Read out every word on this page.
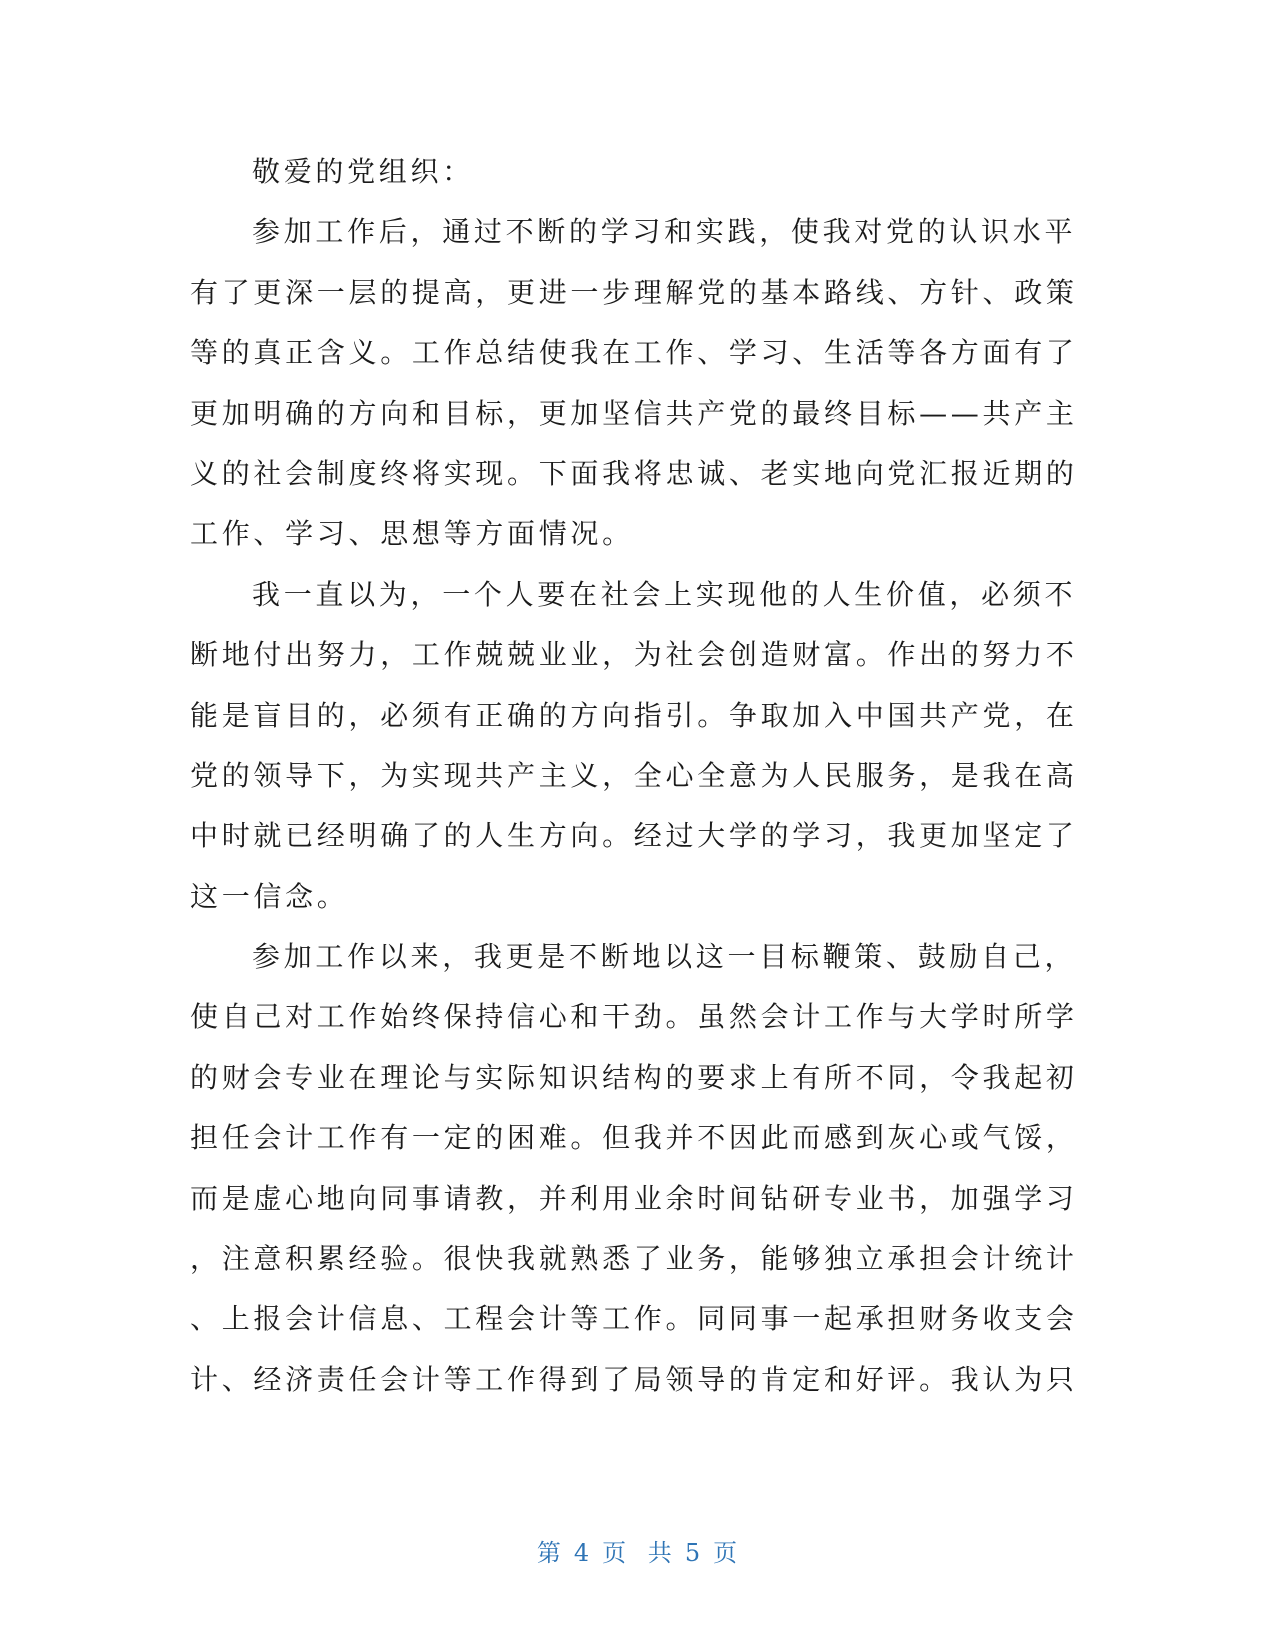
敬爱的党组织：
参加工作后，通过不断的学习和实践，使我对党的认识水平
有了更深一层的提高，更进一步理解党的基本路线、方针、政策
等的真正含义。工作总结使我在工作、学习、生活等各方面有了
更加明确的方向和目标，更加坚信共产党的最终目标——共产主
义的社会制度终将实现。下面我将忠诚、老实地向党汇报近期的
工作、学习、思想等方面情况。
我一直以为，一个人要在社会上实现他的人生价值，必须不
断地付出努力，工作兢兢业业，为社会创造财富。作出的努力不
能是盲目的，必须有正确的方向指引。争取加入中国共产党，在
党的领导下，为实现共产主义，全心全意为人民服务，是我在高
中时就已经明确了的人生方向。经过大学的学习，我更加坚定了
这一信念。
参加工作以来，我更是不断地以这一目标鞭策、鼓励自己，
使自己对工作始终保持信心和干劲。虽然会计工作与大学时所学
的财会专业在理论与实际知识结构的要求上有所不同，令我起初
担任会计工作有一定的困难。但我并不因此而感到灰心或气馁，
而是虚心地向同事请教，并利用业余时间钻研专业书，加强学习
，注意积累经验。很快我就熟悉了业务，能够独立承担会计统计
、上报会计信息、工程会计等工作。同同事一起承担财务收支会
计、经济责任会计等工作得到了局领导的肯定和好评。我认为只
第 4 页 共 5 页
